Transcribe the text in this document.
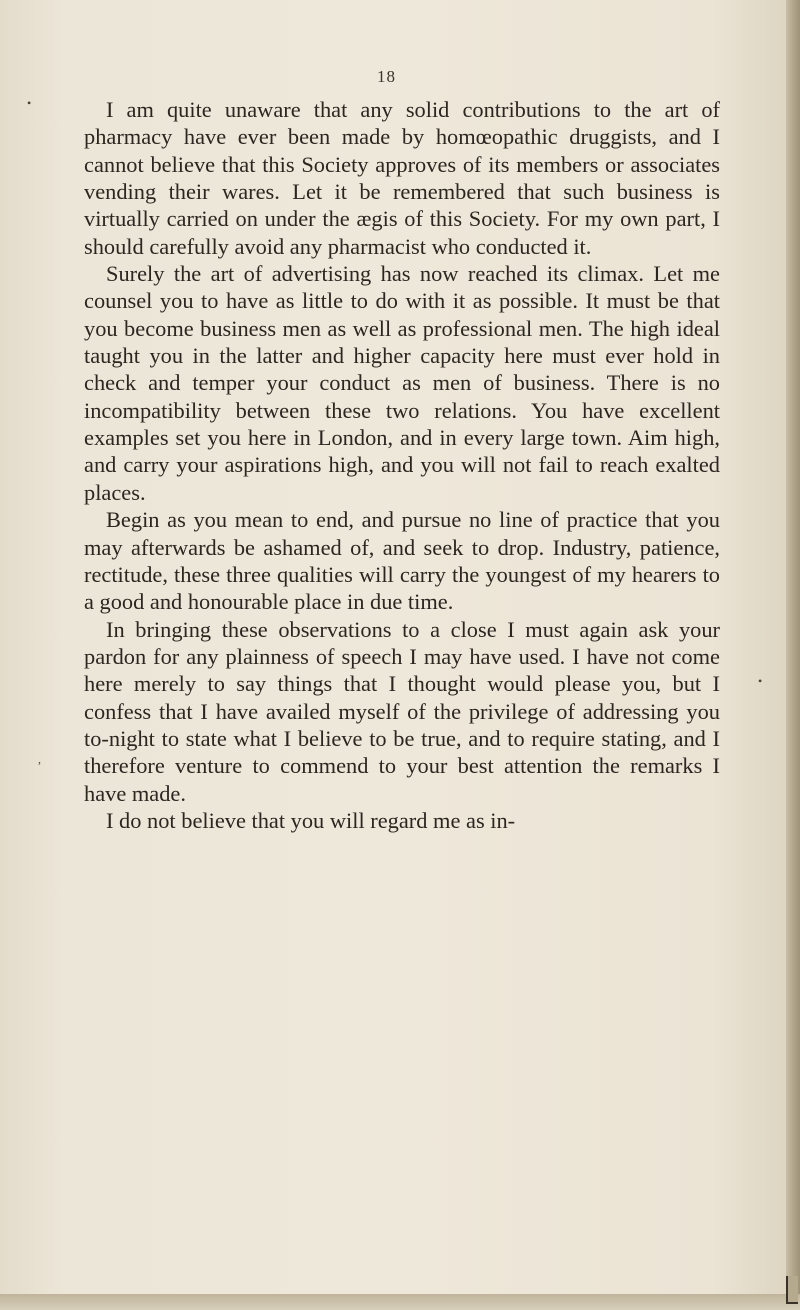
18

I am quite unaware that any solid contributions to the art of pharmacy have ever been made by homœopathic druggists, and I cannot believe that this Society approves of its members or associates vending their wares. Let it be remembered that such business is virtually carried on under the ægis of this Society. For my own part, I should carefully avoid any pharmacist who conducted it.

Surely the art of advertising has now reached its climax. Let me counsel you to have as little to do with it as possible. It must be that you become business men as well as professional men. The high ideal taught you in the latter and higher capacity here must ever hold in check and temper your conduct as men of business. There is no incompatibility between these two relations. You have excellent examples set you here in London, and in every large town. Aim high, and carry your aspirations high, and you will not fail to reach exalted places.

Begin as you mean to end, and pursue no line of practice that you may afterwards be ashamed of, and seek to drop. Industry, patience, rectitude, these three qualities will carry the youngest of my hearers to a good and honourable place in due time.

In bringing these observations to a close I must again ask your pardon for any plainness of speech I may have used. I have not come here merely to say things that I thought would please you, but I confess that I have availed myself of the privilege of addressing you to-night to state what I believe to be true, and to require stating, and I therefore venture to commend to your best attention the remarks I have made.

I do not believe that you will regard me as in-

•
,
•
